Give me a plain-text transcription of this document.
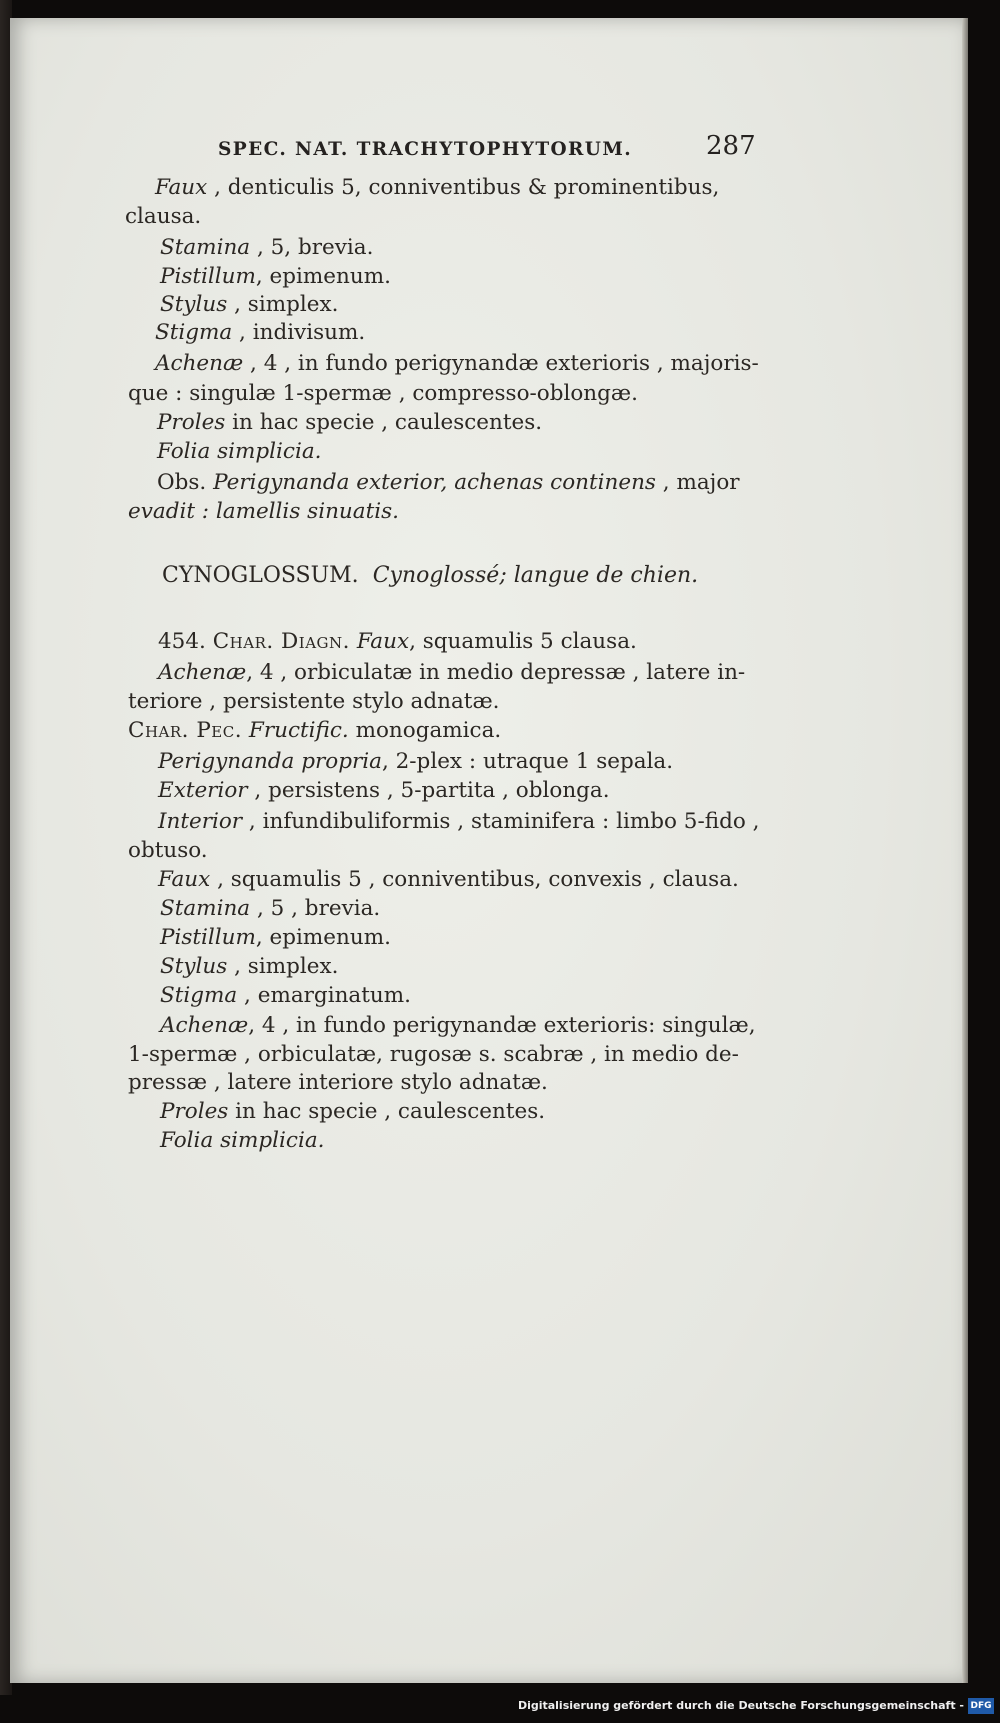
SPEC. NAT. TRACHYTOPHYTORUM.	287
Faux , denticulis 5, conniventibus & prominentibus,
clausa.
Stamina , 5, brevia.
Pistillum, epimenum.
Stylus , simplex.
Stigma , indivisum.
Achenæ , 4 , in fundo perigynandæ exterioris , majoris-
que : singulæ 1-spermæ , compresso-oblongæ.
Proles in hac specie , caulescentes.
Folia simplicia.
Obs. Perigynanda exterior, achenas continens , major
evadit : lamellis sinuatis.
CYNOGLOSSUM. Cynoglossé; langue de chien.
454. Char. Diagn. Faux, squamulis 5 clausa.
Achenæ, 4 , orbiculatæ in medio depressæ , latere in-
teriore , persistente stylo adnatæ.
Char. Pec. Fructific. monogamica.
Perigynanda propria, 2-plex : utraque 1 sepala.
Exterior , persistens , 5-partita , oblonga.
Interior , infundibuliformis , staminifera : limbo 5-fido ,
obtuso.
Faux , squamulis 5 , conniventibus, convexis , clausa.
Stamina , 5 , brevia.
Pistillum, epimenum.
Stylus , simplex.
Stigma , emarginatum.
Achenæ, 4 , in fundo perigynandæ exterioris: singulæ,
1-spermæ , orbiculatæ, rugosæ s. scabræ , in medio de-
pressæ , latere interiore stylo adnatæ.
Proles in hac specie , caulescentes.
Folia simplicia.
Digitalisierung gefördert durch die Deutsche Forschungsgemeinschaft - DFG
